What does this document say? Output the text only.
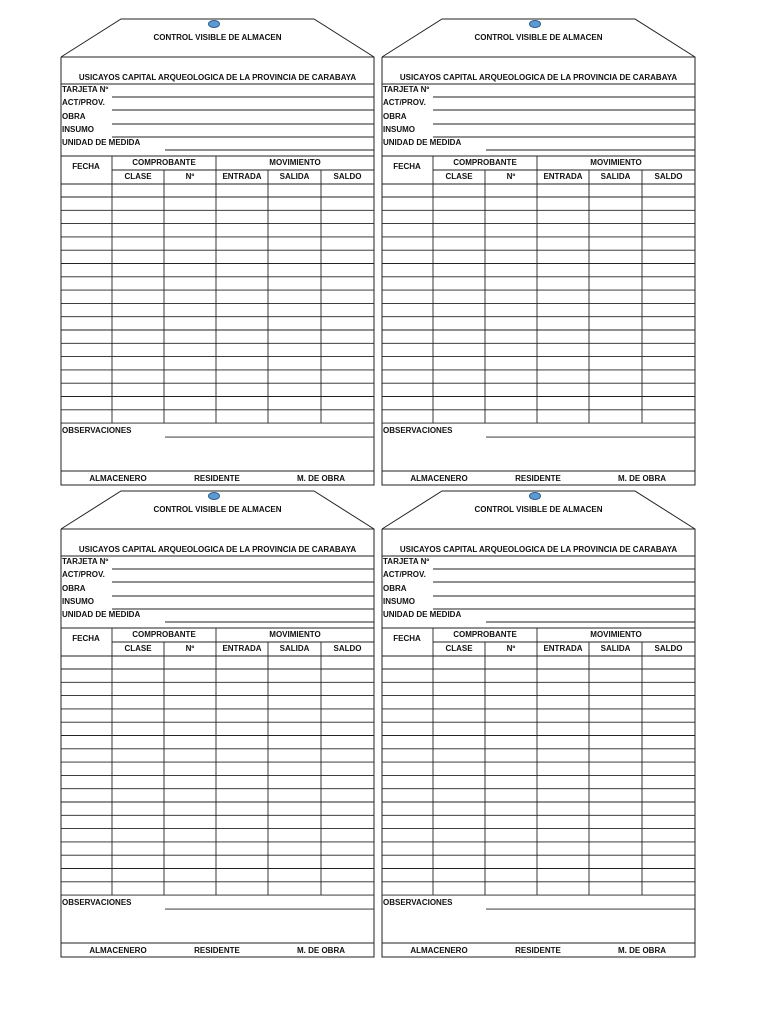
CONTROL VISIBLE DE ALMACEN
USICAYOS CAPITAL ARQUEOLOGICA DE LA PROVINCIA DE CARABAYA
TARJETA Nº
ACT/PROV.
OBRA
INSUMO
UNIDAD DE MEDIDA
FECHA	COMPROBANTE	MOVIMIENTO
CLASE	Nº	ENTRADA	SALIDA	SALDO
OBSERVACIONES
ALMACENERO	RESIDENTE	M. DE OBRA
CONTROL VISIBLE DE ALMACEN
USICAYOS CAPITAL ARQUEOLOGICA DE LA PROVINCIA DE CARABAYA
TARJETA Nº
ACT/PROV.
OBRA
INSUMO
UNIDAD DE MEDIDA
FECHA	COMPROBANTE	MOVIMIENTO
CLASE	Nº	ENTRADA	SALIDA	SALDO
OBSERVACIONES
ALMACENERO	RESIDENTE	M. DE OBRA
CONTROL VISIBLE DE ALMACEN
USICAYOS CAPITAL ARQUEOLOGICA DE LA PROVINCIA DE CARABAYA
TARJETA Nº
ACT/PROV.
OBRA
INSUMO
UNIDAD DE MEDIDA
FECHA	COMPROBANTE	MOVIMIENTO
CLASE	Nº	ENTRADA	SALIDA	SALDO
OBSERVACIONES
ALMACENERO	RESIDENTE	M. DE OBRA
CONTROL VISIBLE DE ALMACEN
USICAYOS CAPITAL ARQUEOLOGICA DE LA PROVINCIA DE CARABAYA
TARJETA Nº
ACT/PROV.
OBRA
INSUMO
UNIDAD DE MEDIDA
FECHA	COMPROBANTE	MOVIMIENTO
CLASE	Nº	ENTRADA	SALIDA	SALDO
OBSERVACIONES
ALMACENERO	RESIDENTE	M. DE OBRA
